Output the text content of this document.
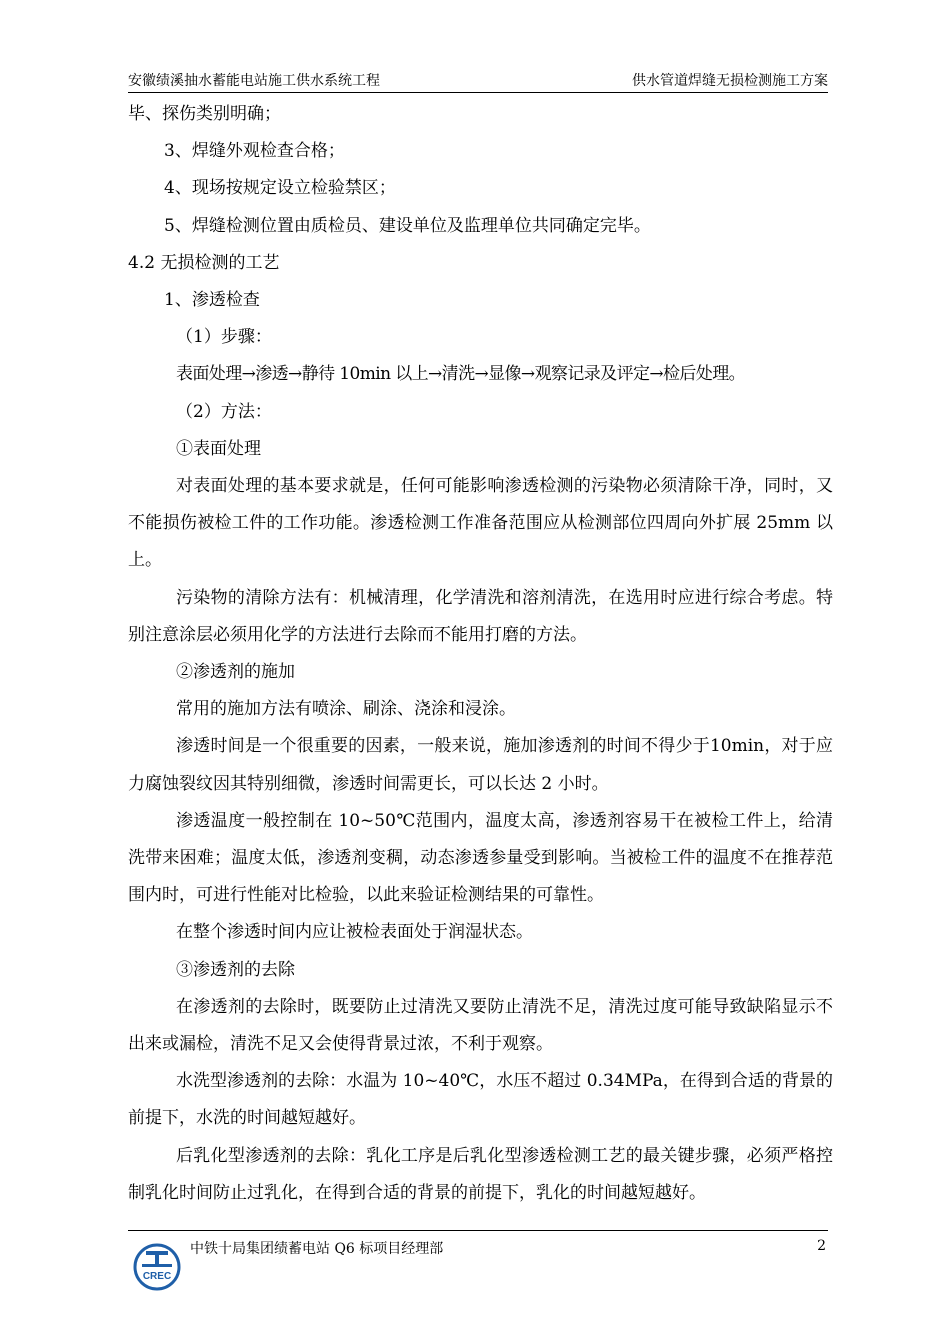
安徽绩溪抽水蓄能电站施工供水系统工程	供水管道焊缝无损检测施工方案

毕、探伤类别明确；

3、焊缝外观检查合格；

4、现场按规定设立检验禁区；

5、焊缝检测位置由质检员、建设单位及监理单位共同确定完毕。

4.2 无损检测的工艺

1、渗透检查

（1）步骤：

表面处理→渗透→静待 10min 以上→清洗→显像→观察记录及评定→检后处理。

（2）方法：

①表面处理

对表面处理的基本要求就是，任何可能影响渗透检测的污染物必须清除干净，同时，又不能损伤被检工件的工作功能。渗透检测工作准备范围应从检测部位四周向外扩展 25mm 以上。

污染物的清除方法有：机械清理，化学清洗和溶剂清洗，在选用时应进行综合考虑。特别注意涂层必须用化学的方法进行去除而不能用打磨的方法。

②渗透剂的施加

常用的施加方法有喷涂、刷涂、浇涂和浸涂。

渗透时间是一个很重要的因素，一般来说，施加渗透剂的时间不得少于10min，对于应力腐蚀裂纹因其特别细微，渗透时间需更长，可以长达 2 小时。

渗透温度一般控制在 10~50℃范围内，温度太高，渗透剂容易干在被检工件上，给清洗带来困难；温度太低，渗透剂变稠，动态渗透参量受到影响。当被检工件的温度不在推荐范围内时，可进行性能对比检验，以此来验证检测结果的可靠性。

在整个渗透时间内应让被检表面处于润湿状态。

③渗透剂的去除

在渗透剂的去除时，既要防止过清洗又要防止清洗不足，清洗过度可能导致缺陷显示不出来或漏检，清洗不足又会使得背景过浓，不利于观察。

水洗型渗透剂的去除：水温为 10~40℃，水压不超过 0.34MPa，在得到合适的背景的前提下，水洗的时间越短越好。

后乳化型渗透剂的去除：乳化工序是后乳化型渗透检测工艺的最关键步骤，必须严格控制乳化时间防止过乳化，在得到合适的背景的前提下，乳化的时间越短越好。

CREC
中铁十局集团绩蓄电站 Q6 标项目经理部	2
